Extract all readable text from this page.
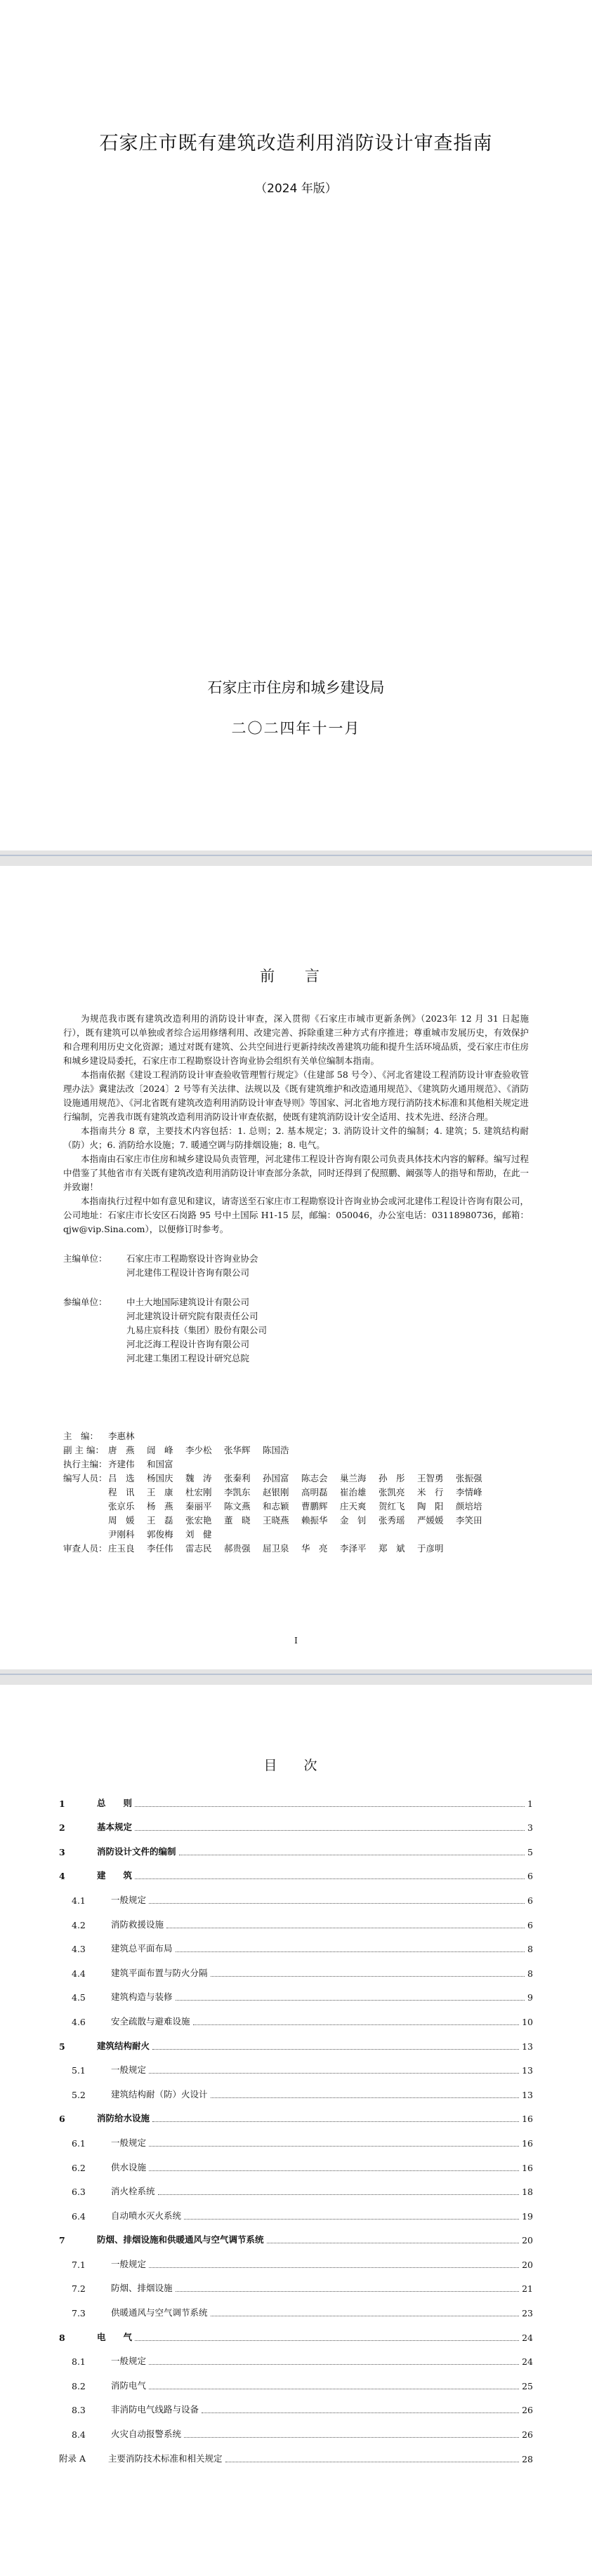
石家庄市既有建筑改造利用消防设计审查指南
（2024 年版）
石家庄市住房和城乡建设局
二〇二四年十一月
前 言

为规范我市既有建筑改造利用的消防设计审查，深入贯彻《石家庄市城市更新条例》（2023年 12 月 31 日起施行），既有建筑可以单独或者综合运用修缮利用、改建完善、拆除重建三种方式有序推进；尊重城市发展历史，有效保护和合理利用历史文化资源；通过对既有建筑、公共空间进行更新持续改善建筑功能和提升生活环境品质，受石家庄市住房和城乡建设局委托，石家庄市工程勘察设计咨询业协会组织有关单位编制本指南。

本指南依据《建设工程消防设计审查验收管理暂行规定》（住建部 58 号令）、《河北省建设工程消防设计审查验收管理办法》冀建法改〔2024〕2 号等有关法律、法规以及《既有建筑维护和改造通用规范》、《建筑防火通用规范》、《消防设施通用规范》、《河北省既有建筑改造利用消防设计审查导则》等国家、河北省地方现行消防技术标准和其他相关规定进行编制，完善我市既有建筑改造利用消防设计审查依据，使既有建筑消防设计安全适用、技术先进、经济合理。

本指南共分 8 章，主要技术内容包括：1. 总则；2. 基本规定；3. 消防设计文件的编制；4. 建筑；5. 建筑结构耐（防）火；6. 消防给水设施；7. 暖通空调与防排烟设施；8. 电气。

本指南由石家庄市住房和城乡建设局负责管理，河北建伟工程设计咨询有限公司负责具体技术内容的解释。编写过程中借鉴了其他省市有关既有建筑改造利用消防设计审查部分条款，同时还得到了倪照鹏、阚强等人的指导和帮助，在此一并致谢！

本指南执行过程中如有意见和建议，请寄送至石家庄市工程勘察设计咨询业协会或河北建伟工程设计咨询有限公司，公司地址：石家庄市长安区石岗路 95 号中土国际 H1-15 层，邮编：050046，办公室电话：03118980736，邮箱：qjw@vip.Sina.com），以便修订时参考。

主编单位：	石家庄市工程勘察设计咨询业协会
河北建伟工程设计咨询有限公司
参编单位：	中土大地国际建筑设计有限公司
河北建筑设计研究院有限责任公司
九易庄宸科技（集团）股份有限公司
河北泛海工程设计咨询有限公司
河北建工集团工程设计研究总院
主　编：	李惠林
副 主 编： 唐　燕	訚　峰	李少松	张华辉	陈国浩
执行主编： 齐建伟	和国富
编写人员： 吕　选	杨国庆	魏　涛	张秦利	孙国富	陈志会	巢兰海	孙　彤	王智勇	张振强
程　讯	王　康	杜宏刚	李凯东	赵银刚	高明磊	崔治雄	张凯亮	米　行	李情峰
张京乐	杨　燕	秦丽平	陈文燕	和志颖	曹鹏辉	庄天爽	贺红飞	陶　阳	颜培培
周　媛	王　磊	张宏艳	董　晓	王晓燕	赖振华	金　钊	张秀瑶	严媛媛	李笑田
尹刚科	郭俊梅	刘　健
审查人员： 庄玉良	李任伟	雷志民	郝贵强	屈卫泉	华　亮	李泽平	郑　斌	于彦明
I
目 次
1	总　　则	1
2	基本规定	3
3	消防设计文件的编制	5
4	建　　筑	6
4.1	一般规定	6
4.2	消防救援设施	6
4.3	建筑总平面布局	8
4.4	建筑平面布置与防火分隔	8
4.5	建筑构造与装修	9
4.6	安全疏散与避难设施	10
5	建筑结构耐火	13
5.1	一般规定	13
5.2	建筑结构耐（防）火设计	13
6	消防给水设施	16
6.1	一般规定	16
6.2	供水设施	16
6.3	消火栓系统	18
6.4	自动喷水灭火系统	19
7	防烟、排烟设施和供暖通风与空气调节系统	20
7.1	一般规定	20
7.2	防烟、排烟设施	21
7.3	供暖通风与空气调节系统	23
8	电　　气	24
8.1	一般规定	24
8.2	消防电气	25
8.3	非消防电气线路与设备	26
8.4	火灾自动报警系统	26
附录 A	主要消防技术标准和相关规定	28
